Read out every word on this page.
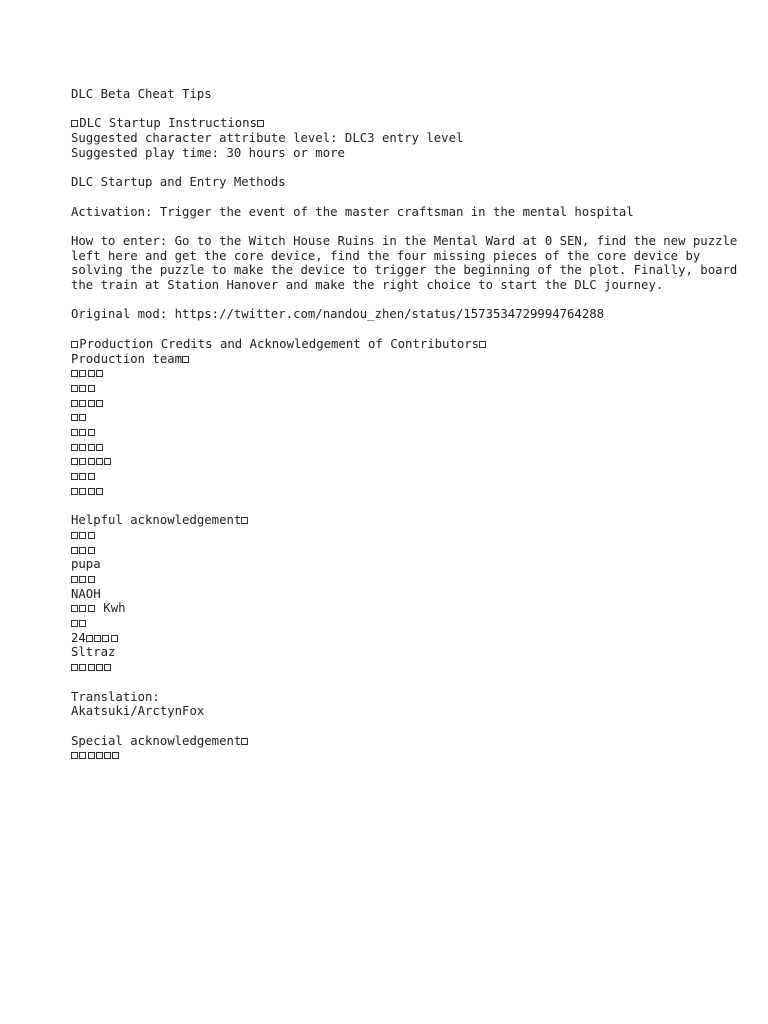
DLC Beta Cheat Tips
DLC Startup Instructions
Suggested character attribute level: DLC3 entry level
Suggested play time: 30 hours or more
DLC Startup and Entry Methods
Activation: Trigger the event of the master craftsman in the mental hospital
How to enter: Go to the Witch House Ruins in the Mental Ward at 0 SEN, find the new puzzle left here and get the core device, find the four missing pieces of the core device by solving the puzzle to make the device to trigger the beginning of the plot. Finally, board the train at Station Hanover and make the right choice to start the DLC journey.
Original mod: https://twitter.com/nandou_zhen/status/1573534729994764288
Production Credits and Acknowledgement of Contributors
Production team
Helpful acknowledgement
pupa
NAOH
Kwh
24
Sltraz
Translation:
Akatsuki/ArctynFox
Special acknowledgement
